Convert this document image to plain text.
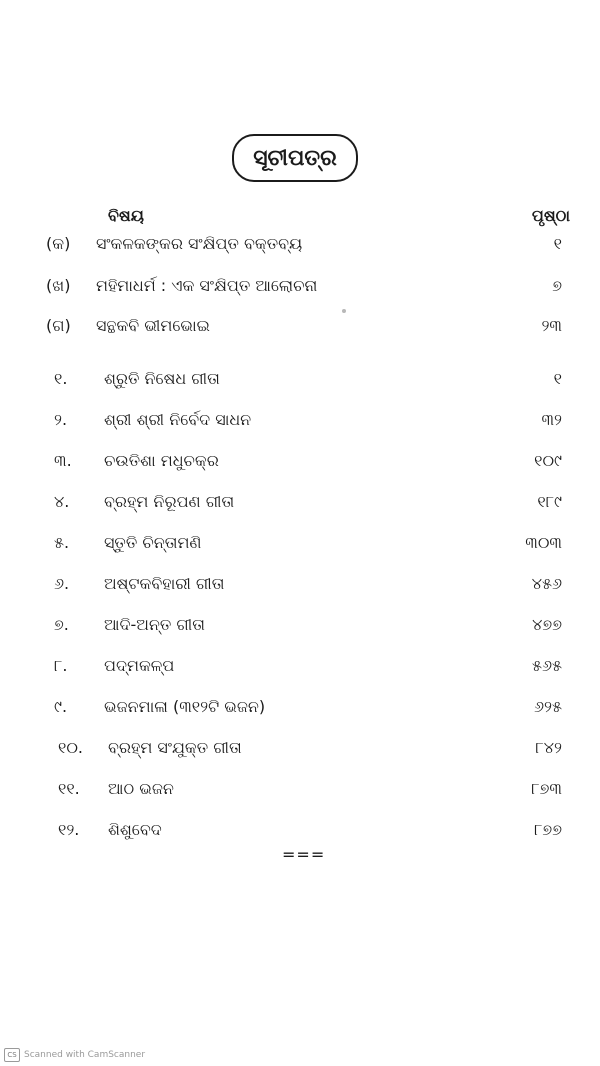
ସୂଚୀପତ୍ର
ବିଷୟ	ପୃଷ୍ଠା
(କ) ସଂକଳକଙ୍କର ସଂକ୍ଷିପ୍ତ ବକ୍ତବ୍ୟ	୧
(ଖ) ମହିମାଧର୍ମ : ଏକ ସଂକ୍ଷିପ୍ତ ଆଲୋଚନା	୭
(ଗ) ସନ୍ଥକବି ଭୀମଭୋଇ	୨୩
୧. ଶ୍ରୁତି ନିଷେଧ ଗୀତା	୧
୨. ଶ୍ରୀ ଶ୍ରୀ ନିର୍ବେଦ ସାଧନ	୩୨
୩. ଚଉତିଶା ମଧୁଚକ୍ର	୧୦୯
୪. ବ୍ରହ୍ମ ନିରୂପଣ ଗୀତା	୧୮୯
୫. ସ୍ତୁତି ଚିନ୍ତାମଣି	୩୦୩
୬. ଅଷ୍ଟକବିହାରୀ ଗୀତା	୪୫୬
୭. ଆଦି-ଅନ୍ତ ଗୀତା	୪୭୭
୮. ପଦ୍ମକଳ୍ପ	୫୬୫
୯. ଭଜନମାଳା (୩୧୨ଟି ଭଜନ)	୬୨୫
୧୦. ବ୍ରହ୍ମ ସଂଯୁକ୍ତ ଗୀତା	୮୪୨
୧୧. ଆଠ ଭଜନ	୮୭୩
୧୨. ଶିଶୁବେଦ	୮୭୭
===
CS Scanned with CamScanner
